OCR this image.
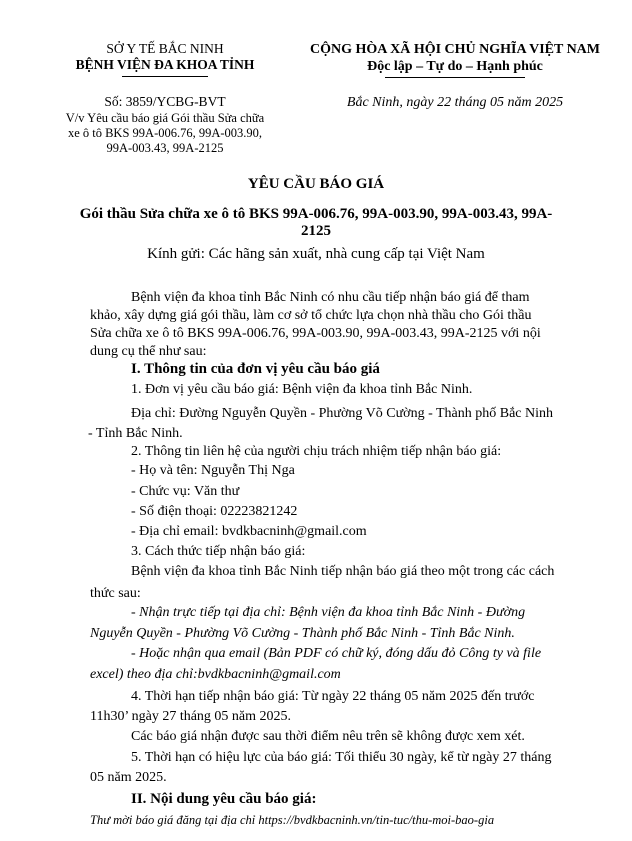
SỞ Y TẾ BẮC NINH
BỆNH VIỆN ĐA KHOA TỈNH
Số: 3859/YCBG-BVT
V/v Yêu cầu báo giá Gói thầu Sửa chữa
xe ô tô BKS 99A-006.76, 99A-003.90,
99A-003.43, 99A-2125
CỘNG HÒA XÃ HỘI CHỦ NGHĨA VIỆT NAM
Độc lập – Tự do – Hạnh phúc
Bắc Ninh, ngày 22 tháng 05 năm 2025
YÊU CẦU BÁO GIÁ
Gói thầu Sửa chữa xe ô tô BKS 99A-006.76, 99A-003.90, 99A-003.43, 99A-
2125
Kính gửi: Các hãng sản xuất, nhà cung cấp tại Việt Nam
Bệnh viện đa khoa tỉnh Bắc Ninh có nhu cầu tiếp nhận báo giá để tham
khảo, xây dựng giá gói thầu, làm cơ sở tổ chức lựa chọn nhà thầu cho Gói thầu
Sửa chữa xe ô tô BKS 99A-006.76, 99A-003.90, 99A-003.43, 99A-2125 với nội
dung cụ thể như sau:
I. Thông tin của đơn vị yêu cầu báo giá
1. Đơn vị yêu cầu báo giá: Bệnh viện đa khoa tỉnh Bắc Ninh.
Địa chỉ: Đường Nguyễn Quyền - Phường Võ Cường - Thành phố Bắc Ninh
- Tỉnh Bắc Ninh.
2. Thông tin liên hệ của người chịu trách nhiệm tiếp nhận báo giá:
- Họ và tên: Nguyễn Thị Nga
- Chức vụ: Văn thư
- Số điện thoại: 02223821242
- Địa chỉ email: bvdkbacninh@gmail.com
3. Cách thức tiếp nhận báo giá:
Bệnh viện đa khoa tỉnh Bắc Ninh tiếp nhận báo giá theo một trong các cách
thức sau:
- Nhận trực tiếp tại địa chỉ: Bệnh viện đa khoa tỉnh Bắc Ninh - Đường
Nguyễn Quyền - Phường Võ Cường - Thành phố Bắc Ninh - Tỉnh Bắc Ninh.
- Hoặc nhận qua email (Bản PDF có chữ ký, đóng dấu đỏ Công ty và file
excel) theo địa chỉ:bvdkbacninh@gmail.com
4. Thời hạn tiếp nhận báo giá: Từ ngày 22 tháng 05 năm 2025 đến trước
11h30’ ngày 27 tháng 05 năm 2025.
Các báo giá nhận được sau thời điểm nêu trên sẽ không được xem xét.
5. Thời hạn có hiệu lực của báo giá: Tối thiểu 30 ngày, kể từ ngày 27 tháng
05 năm 2025.
II. Nội dung yêu cầu báo giá:
Thư mời báo giá đăng tại địa chỉ https://bvdkbacninh.vn/tin-tuc/thu-moi-bao-gia
